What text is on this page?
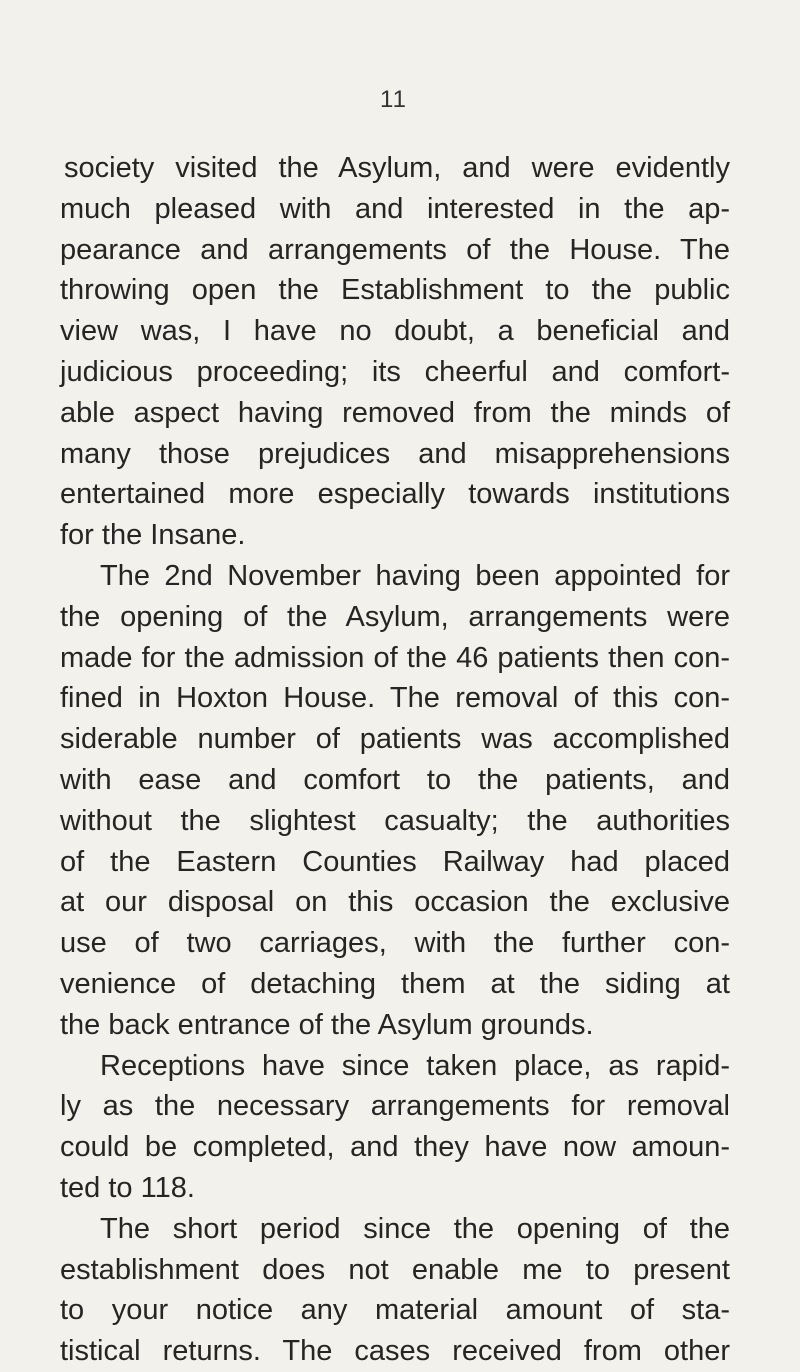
11
society visited the Asylum, and were evidently
much pleased with and interested in the ap-
pearance and arrangements of the House. The
throwing open the Establishment to the public
view was, I have no doubt, a beneficial and
judicious proceeding; its cheerful and comfort-
able aspect having removed from the minds of
many those prejudices and misapprehensions
entertained more especially towards institutions
for the Insane.
The 2nd November having been appointed for
the opening of the Asylum, arrangements were
made for the admission of the 46 patients then con-
fined in Hoxton House. The removal of this con-
siderable number of patients was accomplished
with ease and comfort to the patients, and
without the slightest casualty; the authorities
of the Eastern Counties Railway had placed
at our disposal on this occasion the exclusive
use of two carriages, with the further con-
venience of detaching them at the siding at
the back entrance of the Asylum grounds.
Receptions have since taken place, as rapid-
ly as the necessary arrangements for removal
could be completed, and they have now amoun-
ted to 118.
The short period since the opening of the
establishment does not enable me to present
to your notice any material amount of sta-
tistical returns. The cases received from other
